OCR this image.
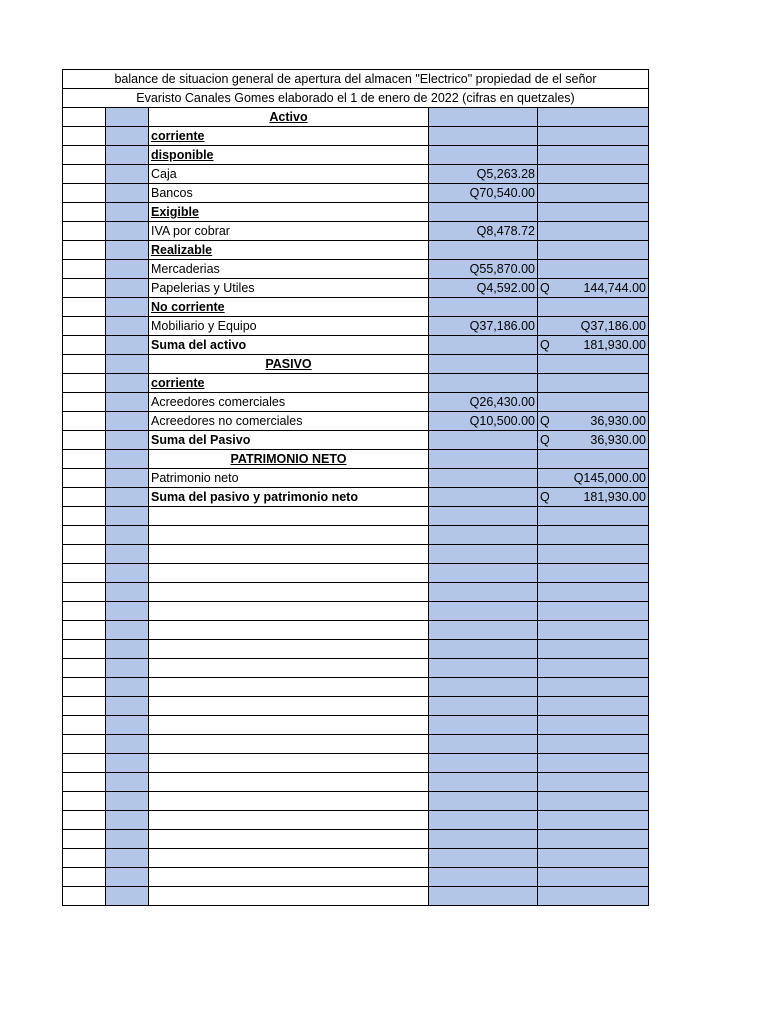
balance de situacion general de apertura del almacen "Electrico" propiedad de el señor				
Evaristo Canales Gomes elaborado el 1 de enero de 2022 (cifras en quetzales)				
		Activo		

		corriente		

		disponible		

		Caja	Q5,263.28	

		Bancos	Q70,540.00	

		Exigible		

		IVA por cobrar	Q8,478.72	

		Realizable		

		Mercaderias	Q55,870.00	

		Papelerias y Utiles	Q4,592.00	Q 144,744.00

		No corriente		

		Mobiliario y Equipo	Q37,186.00	Q37,186.00

		Suma del activo		Q 181,930.00

		PASIVO		

		corriente		

		Acreedores comerciales	Q26,430.00	

		Acreedores no comerciales	Q10,500.00	Q 36,930.00

		Suma del Pasivo		Q 36,930.00

		PATRIMONIO NETO		

		Patrimonio neto		Q145,000.00

		Suma del pasivo y patrimonio neto		Q 181,930.00
